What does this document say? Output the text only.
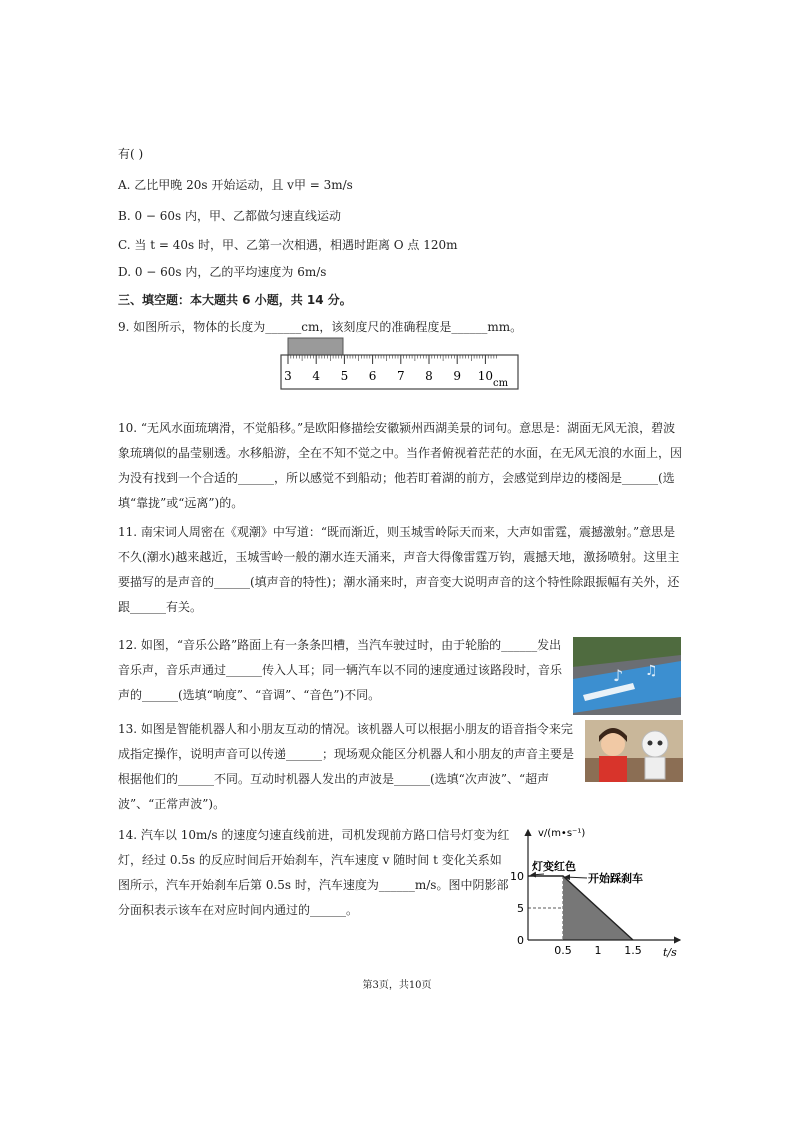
有( )
A. 乙比甲晚 20s 开始运动，且 v甲 = 3m/s
B. 0 − 60s 内，甲、乙都做匀速直线运动
C. 当 t = 40s 时，甲、乙第一次相遇，相遇时距离 O 点 120m
D. 0 − 60s 内，乙的平均速度为 6m/s
三、填空题：本大题共 6 小题，共 14 分。
9. 如图所示，物体的长度为______cm，该刻度尺的准确程度是______mm。
3 4 5 6 7 8 9 10
cm
10. “无风水面琉璃滑，不觉船移。”是欧阳修描绘安徽颍州西湖美景的词句。意思是：湖面无风无浪，碧波象琉璃似的晶莹剔透。水移船游，全在不知不觉之中。当作者俯视着茫茫的水面，在无风无浪的水面上，因为没有找到一个合适的______，所以感觉不到船动；他若盯着湖的前方，会感觉到岸边的楼阁是______(选填“靠拢”或“远离”)的。
11. 南宋词人周密在《观潮》中写道：“既而渐近，则玉城雪岭际天而来，大声如雷霆，震撼激射。”意思是不久(潮水)越来越近，玉城雪岭一般的潮水连天涌来，声音大得像雷霆万钧，震撼天地，激扬喷射。这里主要描写的是声音的______(填声音的特性)；潮水涌来时，声音变大说明声音的这个特性除跟振幅有关外，还跟______有关。
12. 如图，“音乐公路”路面上有一条条凹槽，当汽车驶过时，由于轮胎的______发出音乐声，音乐声通过______传入人耳；同一辆汽车以不同的速度通过该路段时，音乐声的______(选填“响度”、“音调”、“音色”)不同。
♪ ♫
13. 如图是智能机器人和小朋友互动的情况。该机器人可以根据小朋友的语音指令来完成指定操作，说明声音可以传递______；现场观众能区分机器人和小朋友的声音主要是根据他们的______不同。互动时机器人发出的声波是______(选填“次声波”、“超声波”、“正常声波”)。
14. 汽车以 10m/s 的速度匀速直线前进，司机发现前方路口信号灯变为红灯，经过 0.5s 的反应时间后开始刹车，汽车速度 v 随时间 t 变化关系如图所示，汽车开始刹车后第 0.5s 时，汽车速度为______m/s。图中阴影部分面积表示该车在对应时间内通过的______。
0.5 1 1.5
10
5
0
t/s
v/(m•s⁻¹)
灯变红色
开始踩刹车
第3页，共10页
